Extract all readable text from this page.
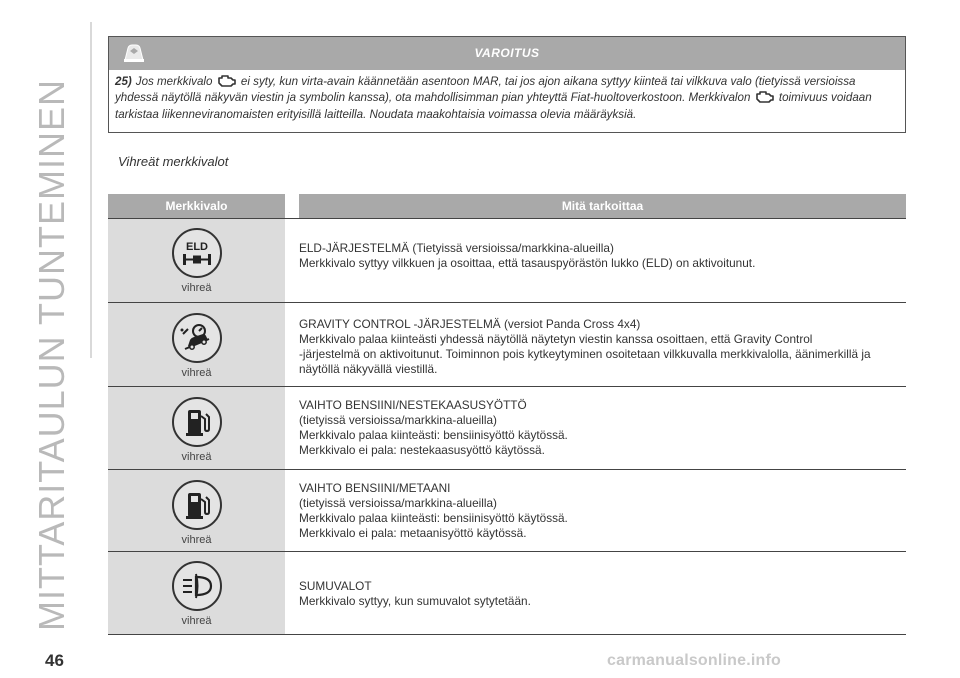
MITTARITAULUN TUNTEMINEN
VAROITUS
25) Jos merkkivalo ei syty, kun virta-avain käännetään asentoon MAR, tai jos ajon aikana syttyy kiinteä tai vilkkuva valo (tietyissä versioissa yhdessä näytöllä näkyvän viestin ja symbolin kanssa), ota mahdollisimman pian yhteyttä Fiat-huoltoverkostoon. Merkkivalon toimivuus voidaan tarkistaa liikenneviranomaisten erityisillä laitteilla. Noudata maakohtaisia voimassa olevia määräyksiä.
Vihreät merkkivalot
Merkkivalo	Mitä tarkoittaa
ELD
vihreä
ELD-JÄRJESTELMÄ (Tietyissä versioissa/markkina-alueilla)
Merkkivalo syttyy vilkkuen ja osoittaa, että tasauspyörästön lukko (ELD) on aktivoitunut.
vihreä
GRAVITY CONTROL -JÄRJESTELMÄ (versiot Panda Cross 4x4)
Merkkivalo palaa kiinteästi yhdessä näytöllä näytetyn viestin kanssa osoittaen, että Gravity Control
-järjestelmä on aktivoitunut. Toiminnon pois kytkeytyminen osoitetaan vilkkuvalla merkkivalolla, äänimerkillä ja
näytöllä näkyvällä viestillä.
vihreä
VAIHTO BENSIINI/NESTEKAASUSYÖTTÖ
(tietyissä versioissa/markkina-alueilla)
Merkkivalo palaa kiinteästi: bensiinisyöttö käytössä.
Merkkivalo ei pala: nestekaasusyöttö käytössä.
vihreä
VAIHTO BENSIINI/METAANI
(tietyissä versioissa/markkina-alueilla)
Merkkivalo palaa kiinteästi: bensiinisyöttö käytössä.
Merkkivalo ei pala: metaanisyöttö käytössä.
vihreä
SUMUVALOT
Merkkivalo syttyy, kun sumuvalot sytytetään.
46	carmanualsonline.info
